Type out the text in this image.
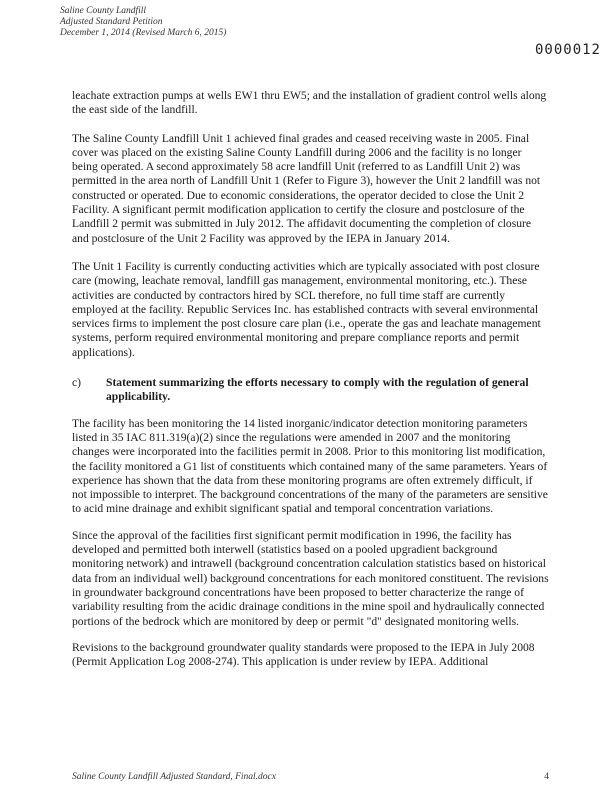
Saline County Landfill
Adjusted Standard Petition
December 1, 2014 (Revised March 6, 2015)
0000012

leachate extraction pumps at wells EW1 thru EW5; and the installation of gradient control wells along the east side of the landfill.

The Saline County Landfill Unit 1 achieved final grades and ceased receiving waste in 2005. Final cover was placed on the existing Saline County Landfill during 2006 and the facility is no longer being operated. A second approximately 58 acre landfill Unit (referred to as Landfill Unit 2) was permitted in the area north of Landfill Unit 1 (Refer to Figure 3), however the Unit 2 landfill was not constructed or operated. Due to economic considerations, the operator decided to close the Unit 2 Facility. A significant permit modification application to certify the closure and postclosure of the Landfill 2 permit was submitted in July 2012. The affidavit documenting the completion of closure and postclosure of the Unit 2 Facility was approved by the IEPA in January 2014.

The Unit 1 Facility is currently conducting activities which are typically associated with post closure care (mowing, leachate removal, landfill gas management, environmental monitoring, etc.). These activities are conducted by contractors hired by SCL therefore, no full time staff are currently employed at the facility. Republic Services Inc. has established contracts with several environmental services firms to implement the post closure care plan (i.e., operate the gas and leachate management systems, perform required environmental monitoring and prepare compliance reports and permit applications).

c)	Statement summarizing the efforts necessary to comply with the regulation of general applicability.

The facility has been monitoring the 14 listed inorganic/indicator detection monitoring parameters listed in 35 IAC 811.319(a)(2) since the regulations were amended in 2007 and the monitoring changes were incorporated into the facilities permit in 2008. Prior to this monitoring list modification, the facility monitored a G1 list of constituents which contained many of the same parameters. Years of experience has shown that the data from these monitoring programs are often extremely difficult, if not impossible to interpret. The background concentrations of the many of the parameters are sensitive to acid mine drainage and exhibit significant spatial and temporal concentration variations.

Since the approval of the facilities first significant permit modification in 1996, the facility has developed and permitted both interwell (statistics based on a pooled upgradient background monitoring network) and intrawell (background concentration calculation statistics based on historical data from an individual well) background concentrations for each monitored constituent. The revisions in groundwater background concentrations have been proposed to better characterize the range of variability resulting from the acidic drainage conditions in the mine spoil and hydraulically connected portions of the bedrock which are monitored by deep or permit "d" designated monitoring wells.

Revisions to the background groundwater quality standards were proposed to the IEPA in July 2008 (Permit Application Log 2008-274). This application is under review by IEPA. Additional

Saline County Landfill Adjusted Standard, Final.docx	4
